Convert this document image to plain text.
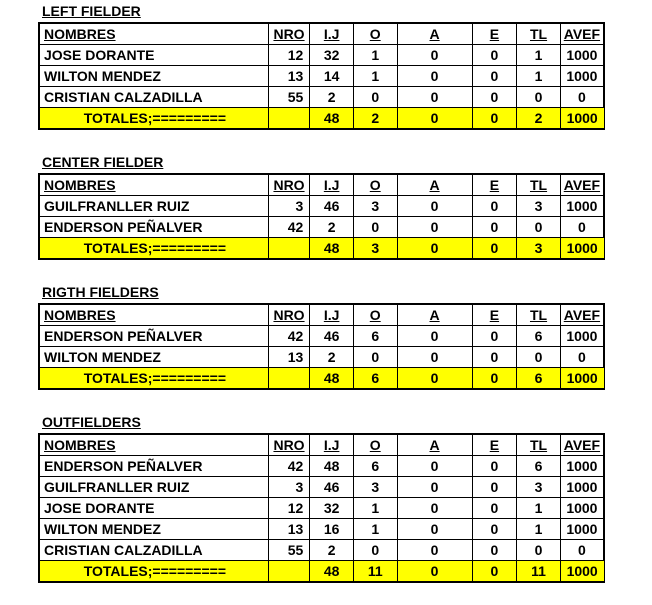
LEFT FIELDER
NOMBRES	NRO	I.J	O	A	E	TL	AVEF
JOSE DORANTE	12	32	1	0	0	1	1000
WILTON MENDEZ	13	14	1	0	0	1	1000
CRISTIAN CALZADILLA	55	2	0	0	0	0	0
TOTALES;=========		48	2	0	0	2	1000
CENTER FIELDER
NOMBRES	NRO	I.J	O	A	E	TL	AVEF
GUILFRANLLER RUIZ	3	46	3	0	0	3	1000
ENDERSON PEÑALVER	42	2	0	0	0	0	0
TOTALES;=========		48	3	0	0	3	1000
RIGTH FIELDERS
NOMBRES	NRO	I.J	O	A	E	TL	AVEF
ENDERSON PEÑALVER	42	46	6	0	0	6	1000
WILTON MENDEZ	13	2	0	0	0	0	0
TOTALES;=========		48	6	0	0	6	1000
OUTFIELDERS
NOMBRES	NRO	I.J	O	A	E	TL	AVEF
ENDERSON PEÑALVER	42	48	6	0	0	6	1000
GUILFRANLLER RUIZ	3	46	3	0	0	3	1000
JOSE DORANTE	12	32	1	0	0	1	1000
WILTON MENDEZ	13	16	1	0	0	1	1000
CRISTIAN CALZADILLA	55	2	0	0	0	0	0
TOTALES;=========		48	11	0	0	11	1000
